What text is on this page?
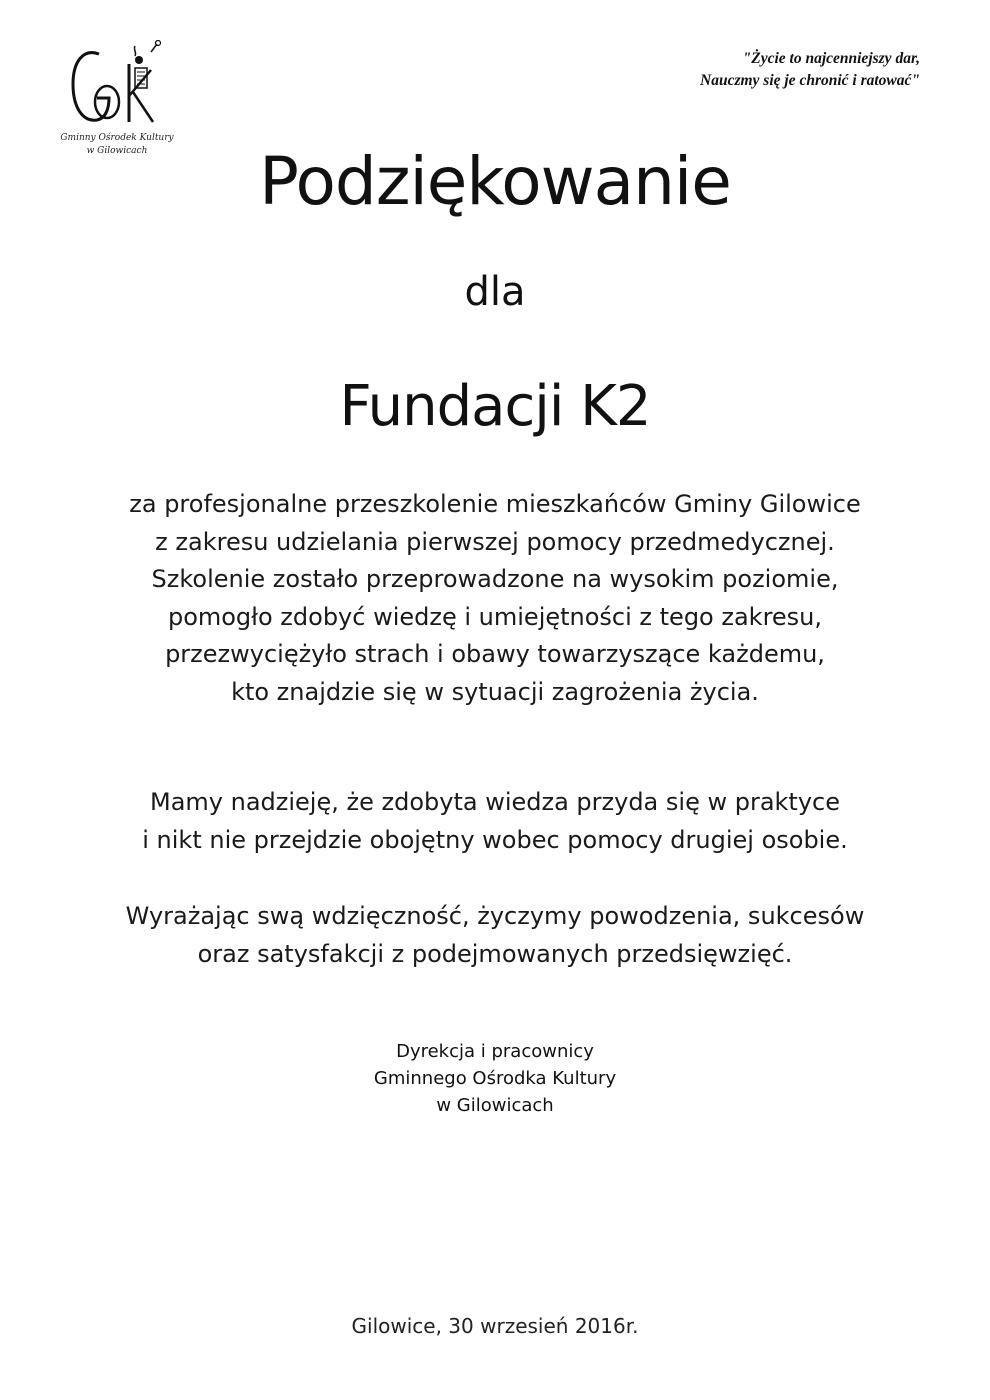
Gminny Ośrodek Kultury
w Gilowicach
"Życie to najcenniejszy dar,
Nauczmy się je chronić i ratować"
Podziękowanie
dla
Fundacji K2
za profesjonalne przeszkolenie mieszkańców Gminy Gilowice
z zakresu udzielania pierwszej pomocy przedmedycznej.
Szkolenie zostało przeprowadzone na wysokim poziomie,
pomogło zdobyć wiedzę i umiejętności z tego zakresu,
przezwyciężyło strach i obawy towarzyszące każdemu,
kto znajdzie się w sytuacji zagrożenia życia.
Mamy nadzieję, że zdobyta wiedza przyda się w praktyce
i nikt nie przejdzie obojętny wobec pomocy drugiej osobie.
Wyrażając swą wdzięczność, życzymy powodzenia, sukcesów
oraz satysfakcji z podejmowanych przedsięwzięć.
Dyrekcja i pracownicy
Gminnego Ośrodka Kultury
w Gilowicach
Gilowice, 30 wrzesień 2016r.
